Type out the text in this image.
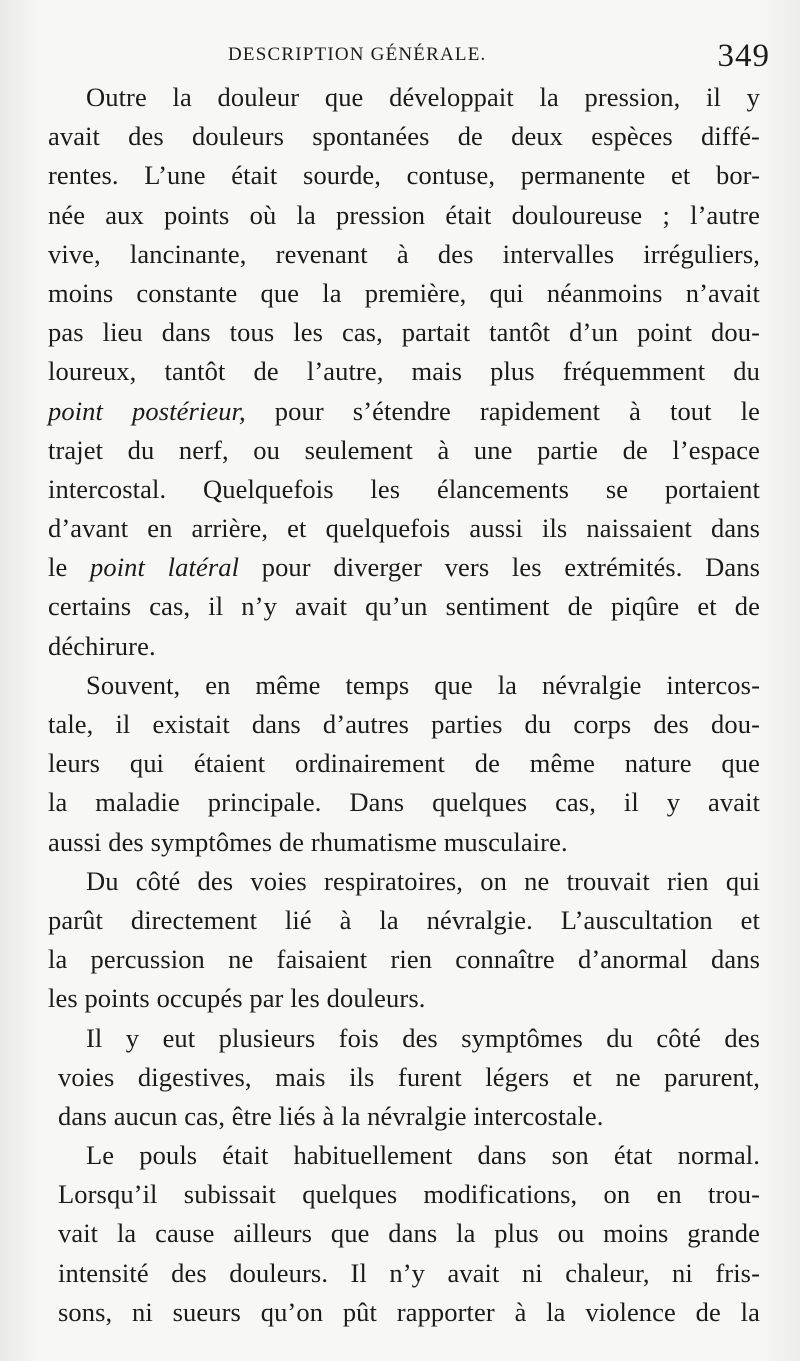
DESCRIPTION GÉNÉRALE.	349
Outre la douleur que développait la pression, il y
avait des douleurs spontanées de deux espèces diffé-
rentes. L’une était sourde, contuse, permanente et bor-
née aux points où la pression était douloureuse ; l’autre
vive, lancinante, revenant à des intervalles irréguliers,
moins constante que la première, qui néanmoins n’avait
pas lieu dans tous les cas, partait tantôt d’un point dou-
loureux, tantôt de l’autre, mais plus fréquemment du
point postérieur, pour s’étendre rapidement à tout le
trajet du nerf, ou seulement à une partie de l’espace
intercostal. Quelquefois les élancements se portaient
d’avant en arrière, et quelquefois aussi ils naissaient dans
le point latéral pour diverger vers les extrémités. Dans
certains cas, il n’y avait qu’un sentiment de piqûre et de
déchirure.
Souvent, en même temps que la névralgie intercos-
tale, il existait dans d’autres parties du corps des dou-
leurs qui étaient ordinairement de même nature que
la maladie principale. Dans quelques cas, il y avait
aussi des symptômes de rhumatisme musculaire.
Du côté des voies respiratoires, on ne trouvait rien qui
parût directement lié à la névralgie. L’auscultation et
la percussion ne faisaient rien connaître d’anormal dans
les points occupés par les douleurs.
Il y eut plusieurs fois des symptômes du côté des
voies digestives, mais ils furent légers et ne parurent,
dans aucun cas, être liés à la névralgie intercostale.
Le pouls était habituellement dans son état normal.
Lorsqu’il subissait quelques modifications, on en trou-
vait la cause ailleurs que dans la plus ou moins grande
intensité des douleurs. Il n’y avait ni chaleur, ni fris-
sons, ni sueurs qu’on pût rapporter à la violence de la
